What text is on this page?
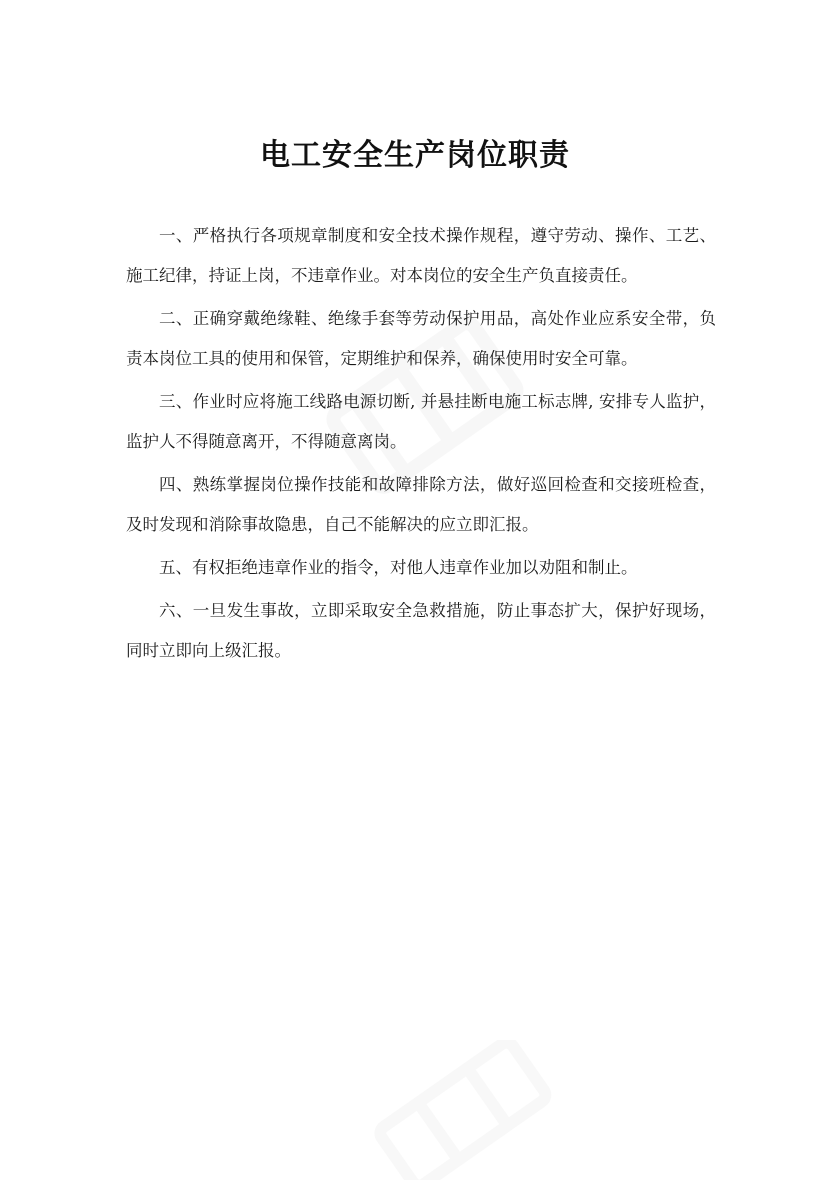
电工安全生产岗位职责

一、严格执行各项规章制度和安全技术操作规程，遵守劳动、操作、工艺、施工纪律，持证上岗，不违章作业。对本岗位的安全生产负直接责任。

二、正确穿戴绝缘鞋、绝缘手套等劳动保护用品，高处作业应系安全带，负责本岗位工具的使用和保管，定期维护和保养，确保使用时安全可靠。

三、作业时应将施工线路电源切断, 并悬挂断电施工标志牌, 安排专人监护，监护人不得随意离开，不得随意离岗。

四、熟练掌握岗位操作技能和故障排除方法，做好巡回检查和交接班检查，及时发现和消除事故隐患，自己不能解决的应立即汇报。

五、有权拒绝违章作业的指令，对他人违章作业加以劝阻和制止。

六、一旦发生事故，立即采取安全急救措施，防止事态扩大，保护好现场，同时立即向上级汇报。
